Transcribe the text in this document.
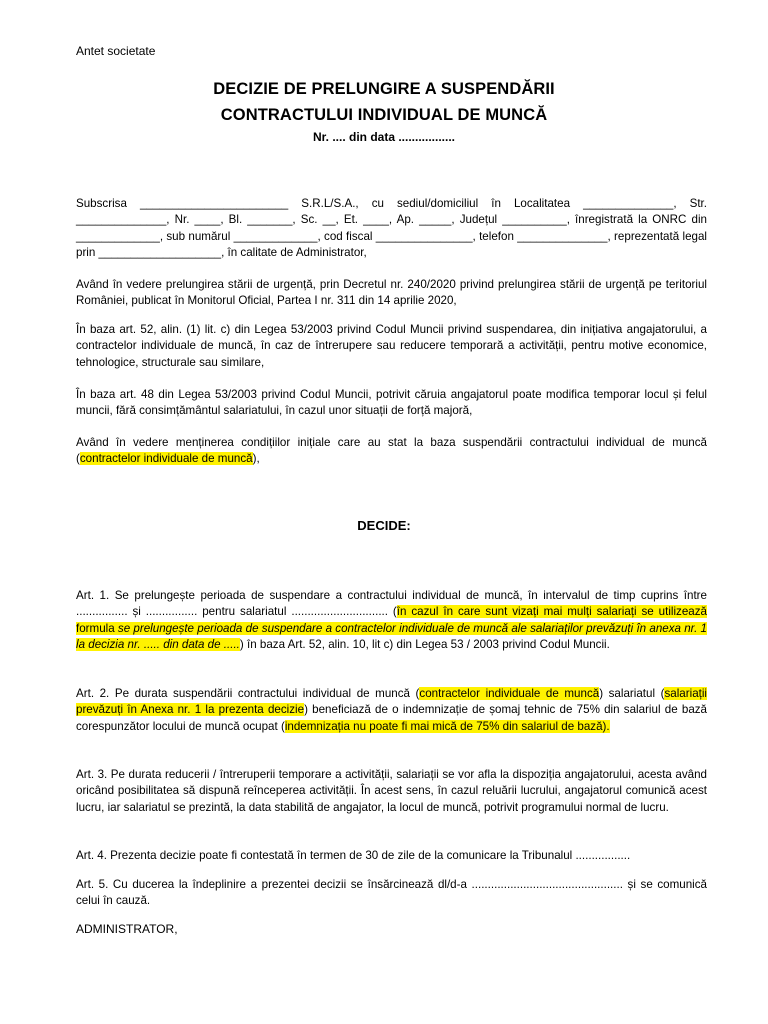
Antet societate
DECIZIE DE PRELUNGIRE A SUSPENDĂRII
CONTRACTULUI INDIVIDUAL DE MUNCĂ
Nr. .... din data .................
Subscrisa _______________________ S.R.L/S.A., cu sediul/domiciliul în Localitatea ______________, Str. ______________, Nr. ____, Bl. _______, Sc. __, Et. ____, Ap. _____, Județul __________, înregistrată la ONRC din _____________, sub numărul _____________, cod fiscal _______________, telefon ______________, reprezentată legal prin ___________________, în calitate de Administrator,
Având în vedere prelungirea stării de urgență, prin Decretul nr. 240/2020 privind prelungirea stării de urgență pe teritoriul României, publicat în Monitorul Oficial, Partea I nr. 311 din 14 aprilie 2020,
În baza art. 52, alin. (1) lit. c) din Legea 53/2003 privind Codul Muncii privind suspendarea, din inițiativa angajatorului, a contractelor individuale de muncă, în caz de întrerupere sau reducere temporară a activității, pentru motive economice, tehnologice, structurale sau similare,
În baza art. 48 din Legea 53/2003 privind Codul Muncii, potrivit căruia angajatorul poate modifica temporar locul și felul muncii, fără consimțământul salariatului, în cazul unor situații de forță majoră,
Având în vedere menținerea condițiilor inițiale care au stat la baza suspendării contractului individual de muncă (contractelor individuale de muncă),
DECIDE:
Art. 1. Se prelungește perioada de suspendare a contractului individual de muncă, în intervalul de timp cuprins între ................ și ................ pentru salariatul .............................. (în cazul în care sunt vizați mai mulți salariați se utilizează formula se prelungește perioada de suspendare a contractelor individuale de muncă ale salariaților prevăzuți în anexa nr. 1 la decizia nr. ..... din data de .....) în baza Art. 52, alin. 10, lit c) din Legea 53 / 2003 privind Codul Muncii.
Art. 2. Pe durata suspendării contractului individual de muncă (contractelor individuale de muncă) salariatul (salariații prevăzuți în Anexa nr. 1 la prezenta decizie) beneficiază de o indemnizație de șomaj tehnic de 75% din salariul de bază corespunzător locului de muncă ocupat (indemnizația nu poate fi mai mică de 75% din salariul de bază).
Art. 3. Pe durata reducerii / întreruperii temporare a activității, salariații se vor afla la dispoziția angajatorului, acesta având oricând posibilitatea să dispună reînceperea activității. În acest sens, în cazul reluării lucrului, angajatorul comunică acest lucru, iar salariatul se prezintă, la data stabilită de angajator, la locul de muncă, potrivit programului normal de lucru.
Art. 4. Prezenta decizie poate fi contestată în termen de 30 de zile de la comunicare la Tribunalul .................
Art. 5. Cu ducerea la îndeplinire a prezentei decizii se însărcinează dl/d-a ............................................... și se comunică celui în cauză.
ADMINISTRATOR,
